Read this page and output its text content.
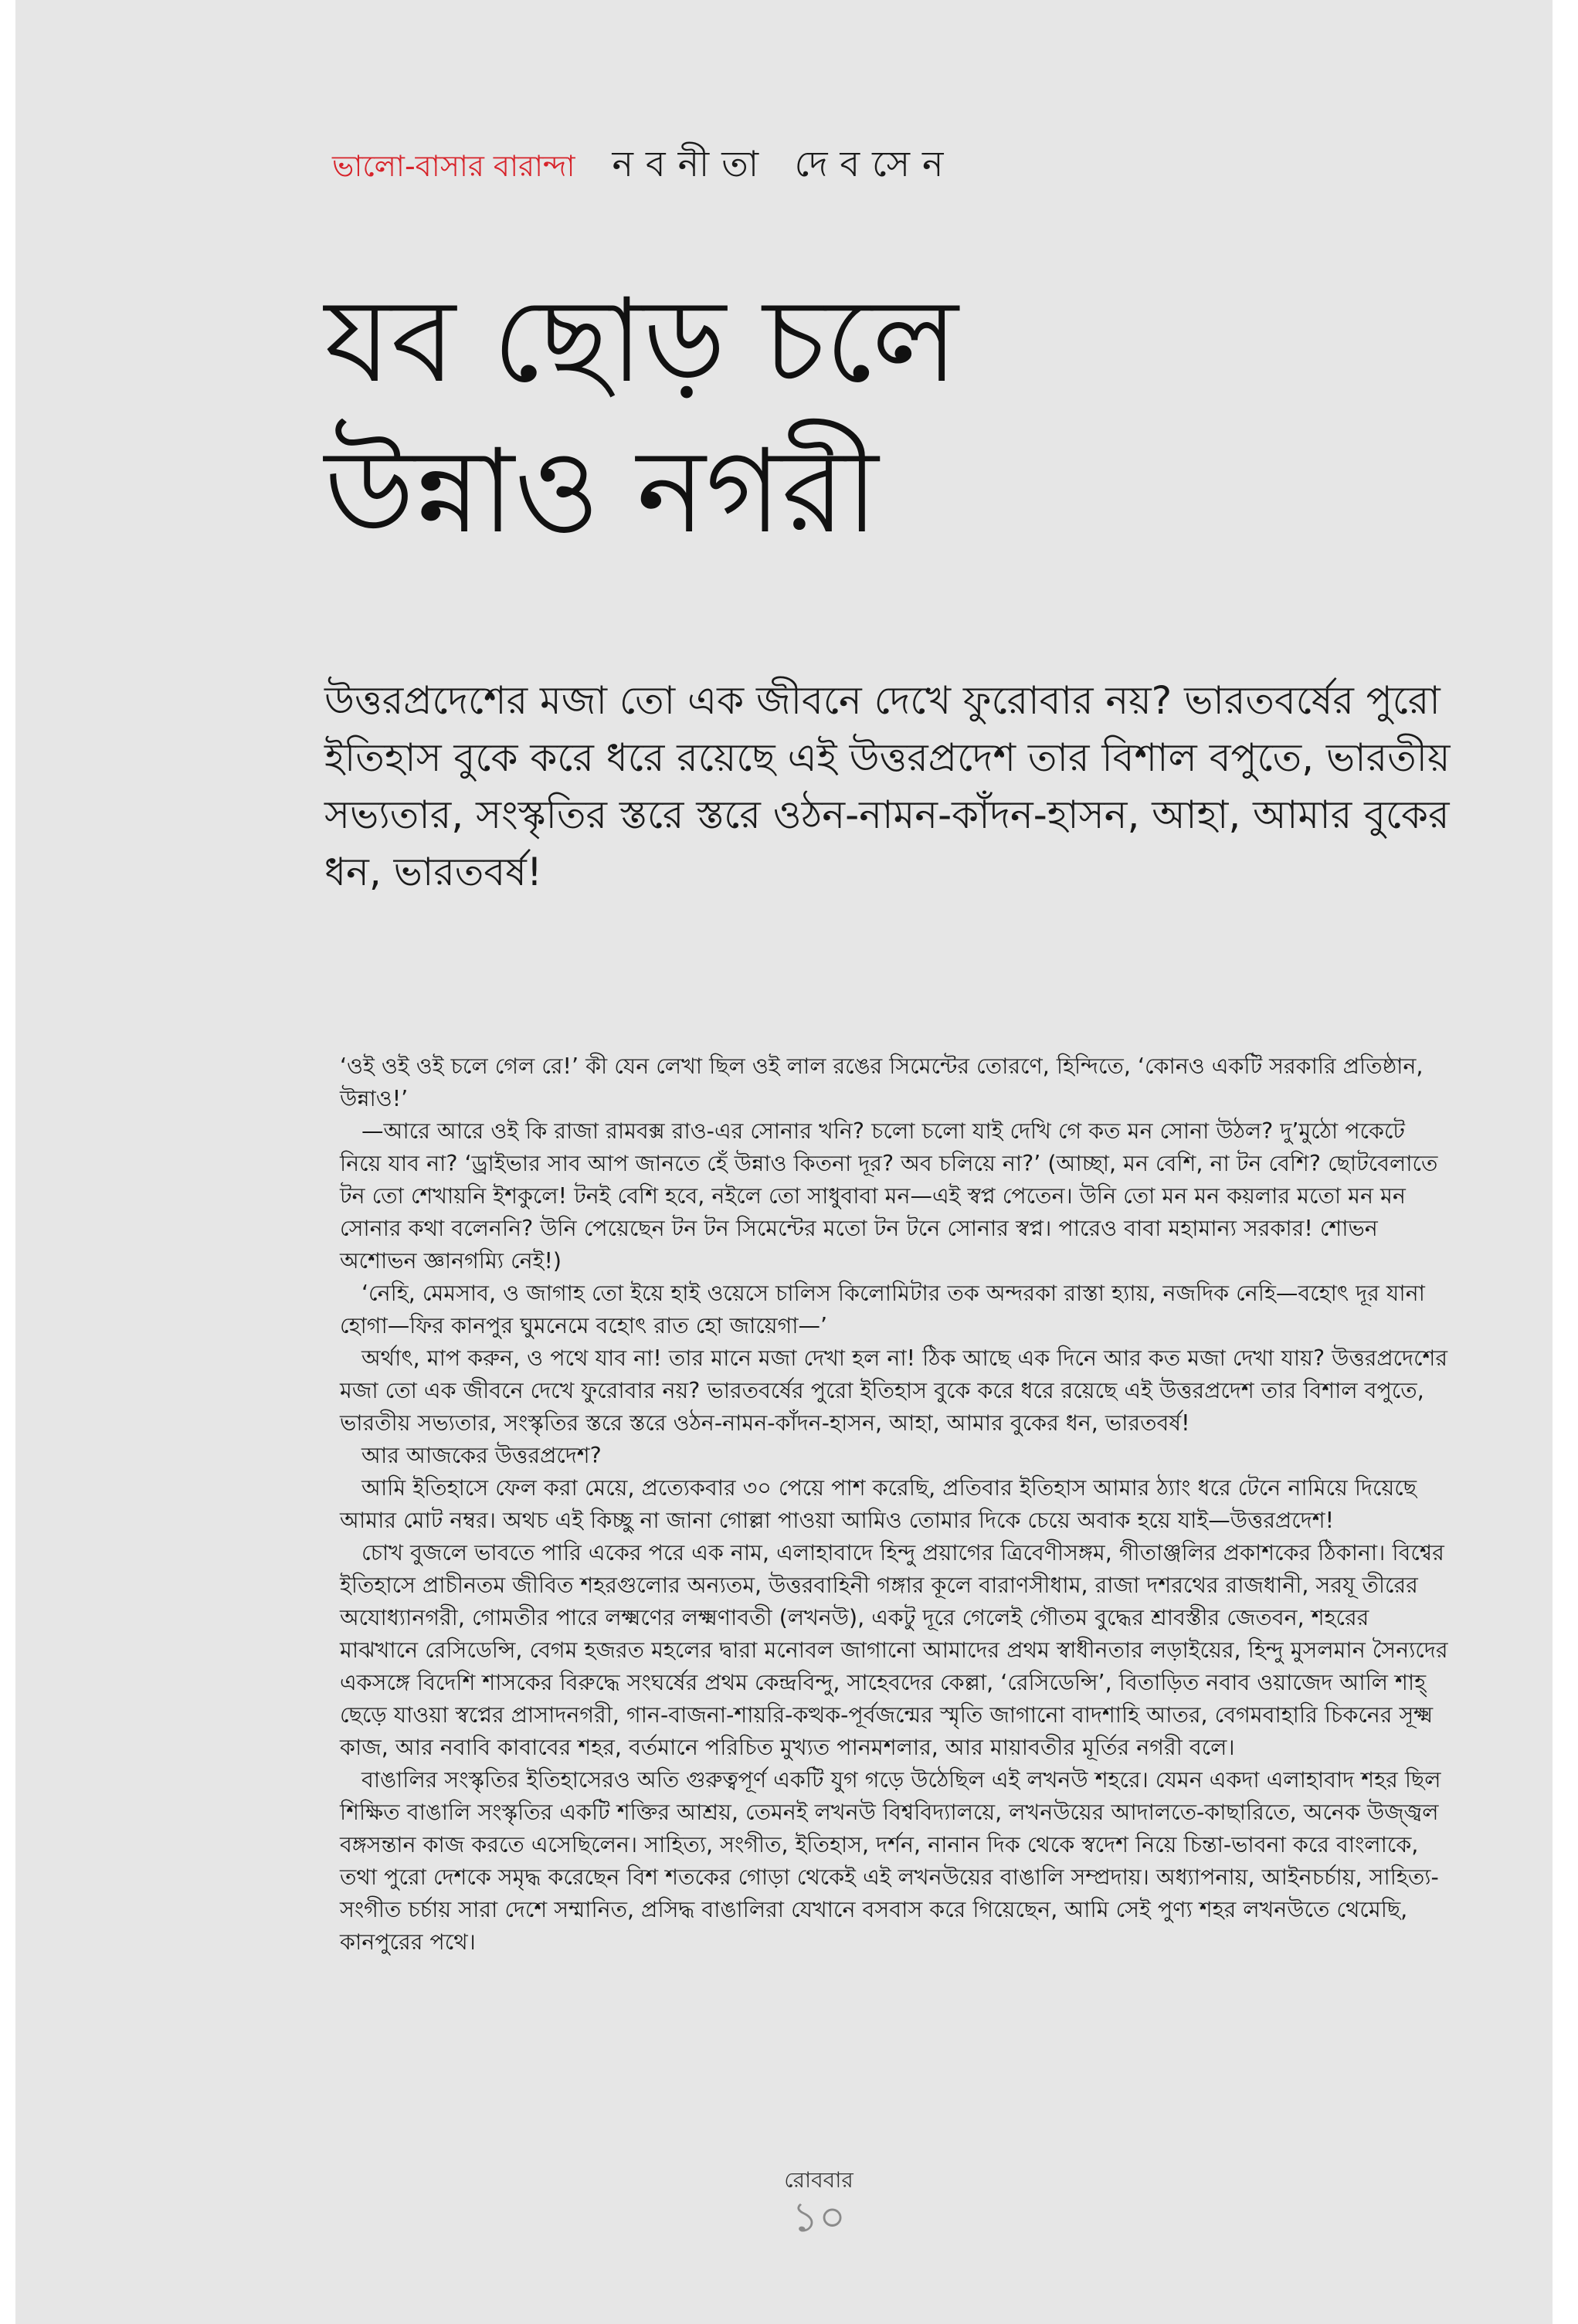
ভালো-বাসার বারান্দা নবনীতা দেবসেন
যব ছোড় চলে
উন্নাও নগরী

উত্তরপ্রদেশের মজা তো এক জীবনে দেখে ফুরোবার নয়? ভারতবর্ষের পুরো ইতিহাস বুকে করে ধরে রয়েছে এই উত্তরপ্রদেশ তার বিশাল বপুতে, ভারতীয় সভ্যতার, সংস্কৃতির স্তরে স্তরে ওঠন-নামন-কাঁদন-হাসন, আহা, আমার বুকের ধন, ভারতবর্ষ!

‘ওই ওই ওই চলে গেল রে!’ কী যেন লেখা ছিল ওই লাল রঙের সিমেন্টের তোরণে, হিন্দিতে, ‘কোনও একটি সরকারি প্রতিষ্ঠান, উন্নাও!’

—আরে আরে ওই কি রাজা রামবক্স রাও-এর সোনার খনি? চলো চলো যাই দেখি গে কত মন সোনা উঠল? দু’মুঠো পকেটে নিয়ে যাব না? ‘ড্রাইভার সাব আপ জানতে হেঁ উন্নাও কিতনা দূর? অব চলিয়ে না?’ (আচ্ছা, মন বেশি, না টন বেশি? ছোটবেলাতে টন তো শেখায়নি ইশকুলে! টনই বেশি হবে, নইলে তো সাধুবাবা মন—এই স্বপ্ন পেতেন। উনি তো মন মন কয়লার মতো মন মন সোনার কথা বলেননি? উনি পেয়েছেন টন টন সিমেন্টের মতো টন টনে সোনার স্বপ্ন। পারেও বাবা মহামান্য সরকার! শোভন অশোভন জ্ঞানগম্যি নেই!)

‘নেহি, মেমসাব, ও জাগাহ তো ইয়ে হাই ওয়েসে চালিস কিলোমিটার তক অন্দরকা রাস্তা হ্যায়, নজদিক নেহি—বহোৎ দূর যানা হোগা—ফির কানপুর ঘুমনেমে বহোৎ রাত হো জায়েগা—’

অর্থাৎ, মাপ করুন, ও পথে যাব না! তার মানে মজা দেখা হল না! ঠিক আছে এক দিনে আর কত মজা দেখা যায়? উত্তরপ্রদেশের মজা তো এক জীবনে দেখে ফুরোবার নয়? ভারতবর্ষের পুরো ইতিহাস বুকে করে ধরে রয়েছে এই উত্তরপ্রদেশ তার বিশাল বপুতে, ভারতীয় সভ্যতার, সংস্কৃতির স্তরে স্তরে ওঠন-নামন-কাঁদন-হাসন, আহা, আমার বুকের ধন, ভারতবর্ষ!

আর আজকের উত্তরপ্রদেশ?

আমি ইতিহাসে ফেল করা মেয়ে, প্রত্যেকবার ৩০ পেয়ে পাশ করেছি, প্রতিবার ইতিহাস আমার ঠ্যাং ধরে টেনে নামিয়ে দিয়েছে আমার মোট নম্বর। অথচ এই কিচ্ছু না জানা গোল্লা পাওয়া আমিও তোমার দিকে চেয়ে অবাক হয়ে যাই—উত্তরপ্রদেশ!

চোখ বুজলে ভাবতে পারি একের পরে এক নাম, এলাহাবাদে হিন্দু প্রয়াগের ত্রিবেণীসঙ্গম, গীতাঞ্জলির প্রকাশকের ঠিকানা। বিশ্বের ইতিহাসে প্রাচীনতম জীবিত শহরগুলোর অন্যতম, উত্তরবাহিনী গঙ্গার কূলে বারাণসীধাম, রাজা দশরথের রাজধানী, সরযূ তীরের অযোধ্যানগরী, গোমতীর পারে লক্ষ্মণের লক্ষ্মণাবতী (লখনউ), একটু দূরে গেলেই গৌতম বুদ্ধের শ্রাবস্তীর জেতবন, শহরের মাঝখানে রেসিডেন্সি, বেগম হজরত মহলের দ্বারা মনোবল জাগানো আমাদের প্রথম স্বাধীনতার লড়াইয়ের, হিন্দু মুসলমান সৈন্যদের একসঙ্গে বিদেশি শাসকের বিরুদ্ধে সংঘর্ষের প্রথম কেন্দ্রবিন্দু, সাহেবদের কেল্লা, ‘রেসিডেন্সি’, বিতাড়িত নবাব ওয়াজেদ আলি শাহ্ ছেড়ে যাওয়া স্বপ্নের প্রাসাদনগরী, গান-বাজনা-শায়রি-কত্থক-পূর্বজন্মের স্মৃতি জাগানো বাদশাহি আতর, বেগমবাহারি চিকনের সূক্ষ্ম কাজ, আর নবাবি কাবাবের শহর, বর্তমানে পরিচিত মুখ্যত পানমশলার, আর মায়াবতীর মূর্তির নগরী বলে।

বাঙালির সংস্কৃতির ইতিহাসেরও অতি গুরুত্বপূর্ণ একটি যুগ গড়ে উঠেছিল এই লখনউ শহরে। যেমন একদা এলাহাবাদ শহর ছিল শিক্ষিত বাঙালি সংস্কৃতির একটি শক্তির আশ্রয়, তেমনই লখনউ বিশ্ববিদ্যালয়ে, লখনউয়ের আদালতে-কাছারিতে, অনেক উজ্জ্বল বঙ্গসন্তান কাজ করতে এসেছিলেন। সাহিত্য, সংগীত, ইতিহাস, দর্শন, নানান দিক থেকে স্বদেশ নিয়ে চিন্তা-ভাবনা করে বাংলাকে, তথা পুরো দেশকে সমৃদ্ধ করেছেন বিশ শতকের গোড়া থেকেই এই লখনউয়ের বাঙালি সম্প্রদায়। অধ্যাপনায়, আইনচর্চায়, সাহিত্য-সংগীত চর্চায় সারা দেশে সম্মানিত, প্রসিদ্ধ বাঙালিরা যেখানে বসবাস করে গিয়েছেন, আমি সেই পুণ্য শহর লখনউতে থেমেছি, কানপুরের পথে।

রোববার
১০
